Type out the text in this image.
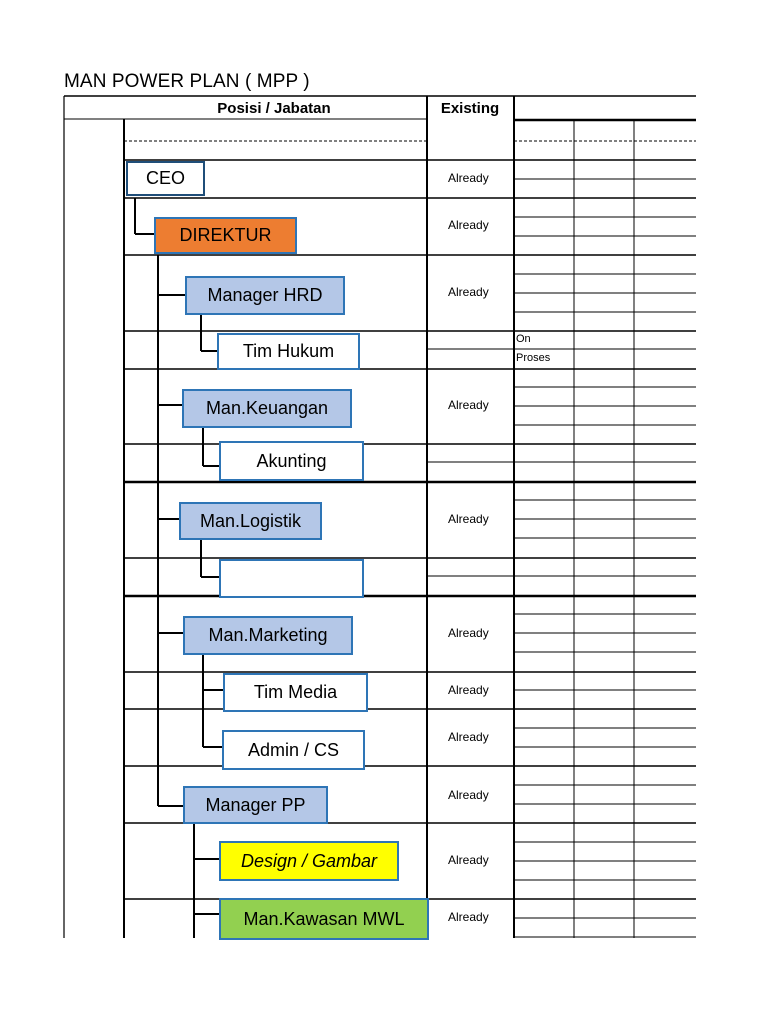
MAN POWER PLAN ( MPP )
Posisi / Jabatan	Existing
CEO
DIREKTUR
Manager HRD
Tim Hukum
Man.Keuangan
Akunting
Man.Logistik
Man.Marketing
Tim Media
Admin / CS
Manager PP
Design / Gambar
Man.Kawasan MWL
Already
Already
Already
Already
Already
Already
Already
Already
Already
Already
Already
On
Proses
